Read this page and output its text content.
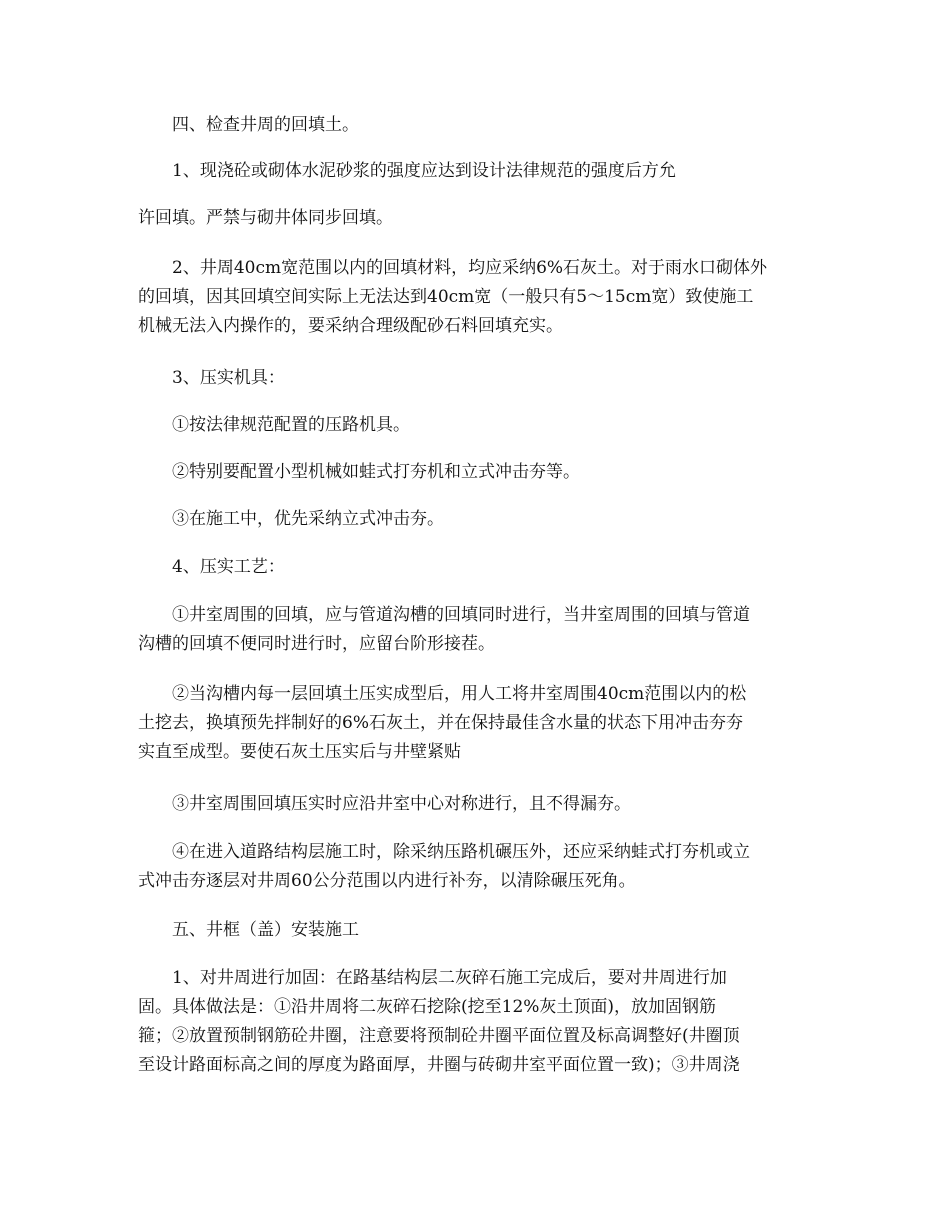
四、检查井周的回填土。
1、现浇砼或砌体水泥砂浆的强度应达到设计法律规范的强度后方允
许回填。严禁与砌井体同步回填。
2、井周40cm宽范围以内的回填材料，均应采纳6%石灰土。对于雨水口砌体外
的回填，因其回填空间实际上无法达到40cm宽（一般只有5～15cm宽）致使施工
机械无法入内操作的，要采纳合理级配砂石料回填充实。
3、压实机具：
①按法律规范配置的压路机具。
②特别要配置小型机械如蛙式打夯机和立式冲击夯等。
③在施工中，优先采纳立式冲击夯。
4、压实工艺：
①井室周围的回填，应与管道沟槽的回填同时进行，当井室周围的回填与管道
沟槽的回填不便同时进行时，应留台阶形接茬。
②当沟槽内每一层回填土压实成型后，用人工将井室周围40cm范围以内的松
土挖去，换填预先拌制好的6%石灰土，并在保持最佳含水量的状态下用冲击夯夯
实直至成型。要使石灰土压实后与井壁紧贴
③井室周围回填压实时应沿井室中心对称进行，且不得漏夯。
④在进入道路结构层施工时，除采纳压路机碾压外，还应采纳蛙式打夯机或立
式冲击夯逐层对井周60公分范围以内进行补夯，以清除碾压死角。
五、井框（盖）安装施工
1、对井周进行加固：在路基结构层二灰碎石施工完成后，要对井周进行加
固。具体做法是：①沿井周将二灰碎石挖除(挖至12%灰土顶面)，放加固钢筋
箍；②放置预制钢筋砼井圈，注意要将预制砼井圈平面位置及标高调整好(井圈顶
至设计路面标高之间的厚度为路面厚，井圈与砖砌井室平面位置一致)；③井周浇
